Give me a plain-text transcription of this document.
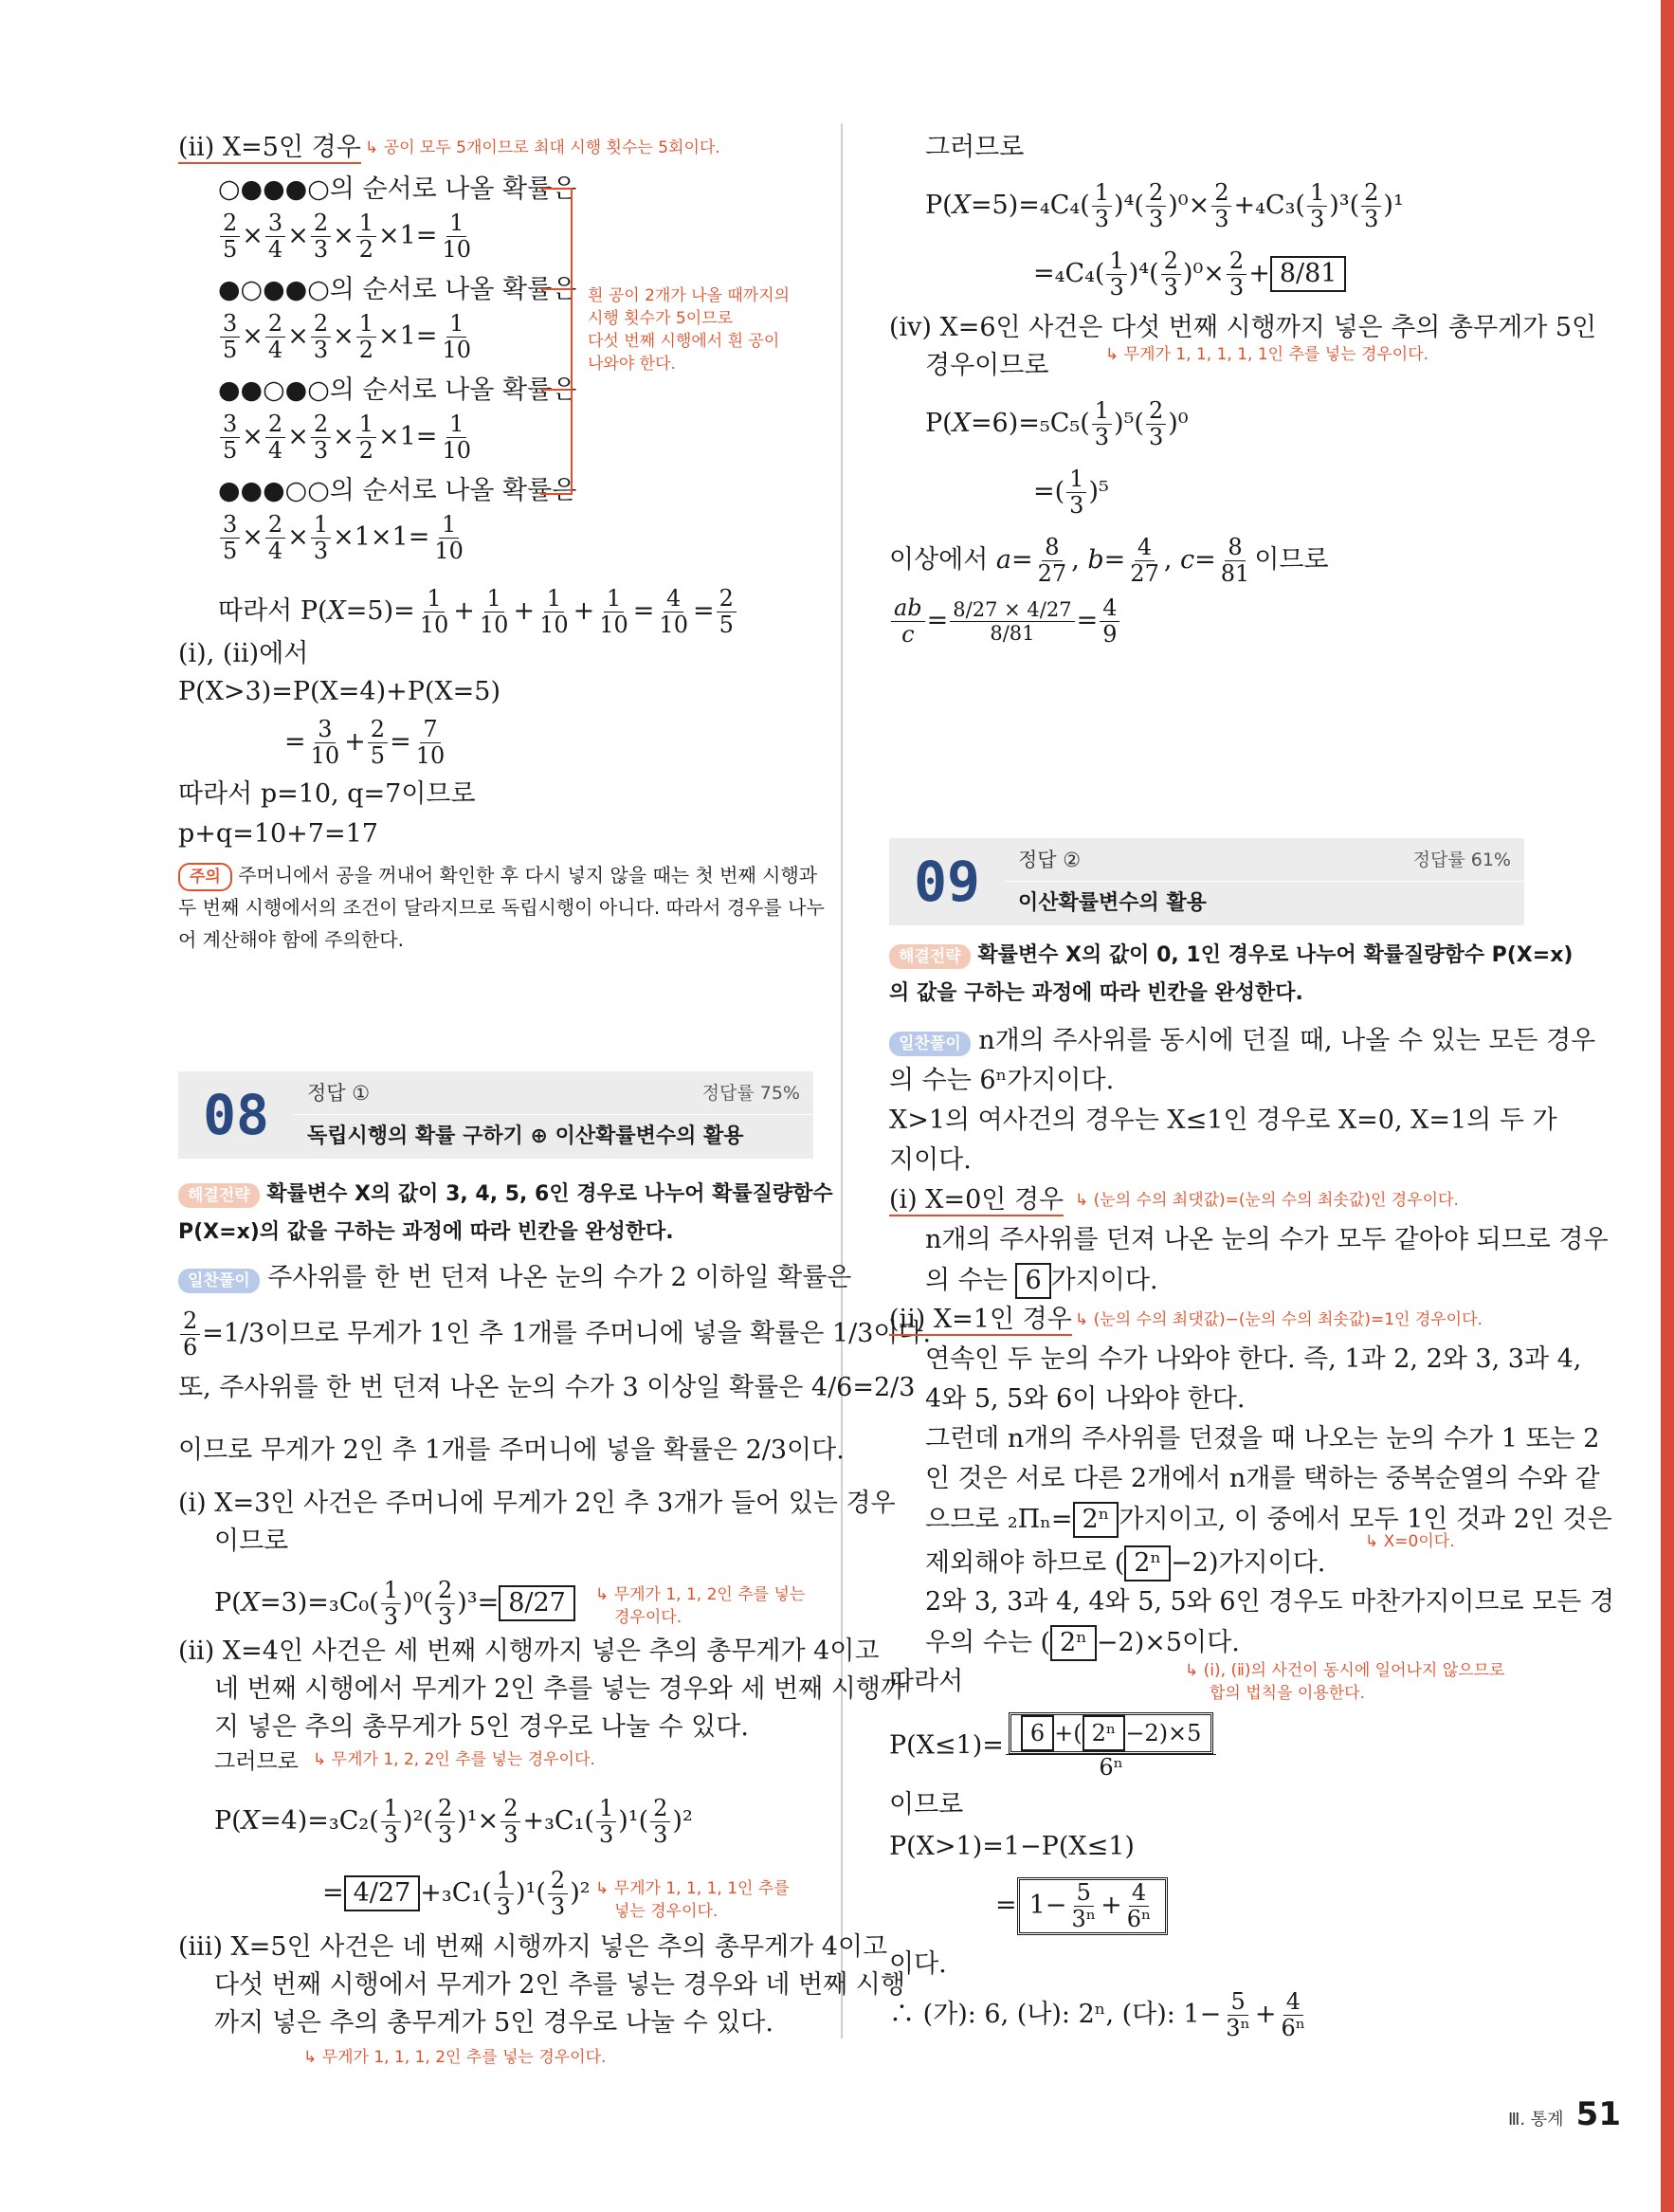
(ⅱ) X=5인 경우 ↳ 공이 모두 5개이므로 최대 시행 횟수는 5회이다.
○●●●○의 순서로 나올 확률은
$\frac{2}{5} \times \frac{3}{4} \times \frac{2}{3} \times \frac{1}{2} \times 1= \frac{1}{10}$
●○●●○의 순서로 나올 확률은
$\frac{3}{5} \times \frac{2}{4} \times \frac{2}{3} \times \frac{1}{2} \times 1= \frac{1}{10}$
●●○●○의 순서로 나올 확률은
$\frac{3}{5} \times \frac{2}{4} \times \frac{2}{3} \times \frac{1}{2} \times 1= \frac{1}{10}$
●●●○○의 순서로 나올 확률은
$\frac{3}{5} \times \frac{2}{4} \times \frac{1}{3} \times 1\times 1= \frac{1}{10}$
흰 공이 2개가 나올 때까지의
시행 횟수가 5이므로
다섯 번째 시행에서 흰 공이
나와야 한다.
따라서 $P(X=5)= \frac{1}{10} + \frac{1}{10} + \frac{1}{10} + \frac{1}{10} = \frac{4}{10} = \frac{2}{5}$
(ⅰ), (ⅱ)에서
P(X>3)=P(X=4)+P(X=5)
= $\frac{3}{10} + \frac{2}{5} = \frac{7}{10}$
따라서 p=10, q=7이므로
p+q=10+7=17
주의 주머니에서 공을 꺼내어 확인한 후 다시 넣지 않을 때는 첫 번째 시행과
두 번째 시행에서의 조건이 달라지므로 독립시행이 아니다. 따라서 경우를 나누
어 계산해야 함에 주의한다.
08	정답 ①	정답률 75%
독립시행의 확률 구하기 ⊕ 이산확률변수의 활용
해결전략 확률변수 X의 값이 3, 4, 5, 6인 경우로 나누어 확률질량함수
P(X=x)의 값을 구하는 과정에 따라 빈칸을 완성한다.
일찬풀이 주사위를 한 번 던져 나온 눈의 수가 2 이하일 확률은
$\frac{2}{6} =1/3$이므로 무게가 1인 추 1개를 주머니에 넣을 확률은 1/3이다.
또, 주사위를 한 번 던져 나온 눈의 수가 3 이상일 확률은 4/6=2/3
이므로 무게가 2인 추 1개를 주머니에 넣을 확률은 2/3이다.
(ⅰ) X=3인 사건은 주머니에 무게가 2인 추 3개가 들어 있는 경우
이므로
$P(X=3)=_3C_0( \frac{1}{3} )^0( \frac{2}{3} )^3= 8/27$	↳ 무게가 1, 1, 2인 추를 넣는
경우이다.
(ⅱ) X=4인 사건은 세 번째 시행까지 넣은 추의 총무게가 4이고
네 번째 시행에서 무게가 2인 추를 넣는 경우와 세 번째 시행까
지 넣은 추의 총무게가 5인 경우로 나눌 수 있다.
그러므로 ↳ 무게가 1, 2, 2인 추를 넣는 경우이다.
$P(X=4)=_3C_2( \frac{1}{3} )^2( \frac{2}{3} )^1\times \frac{2}{3} +_3C_1( \frac{1}{3} )^1( \frac{2}{3} )^2$
= $4/27 +_3C_1( \frac{1}{3} )^1( \frac{2}{3} )^2$ ↳ 무게가 1, 1, 1, 1인 추를
넣는 경우이다.
(ⅲ) X=5인 사건은 네 번째 시행까지 넣은 추의 총무게가 4이고
다섯 번째 시행에서 무게가 2인 추를 넣는 경우와 네 번째 시행
까지 넣은 추의 총무게가 5인 경우로 나눌 수 있다.
↳ 무게가 1, 1, 1, 2인 추를 넣는 경우이다.
그러므로
$P(X=5)=_4C_4( \frac{1}{3} )^4( \frac{2}{3} )^0\times \frac{2}{3} +_4C_3( \frac{1}{3} )^3( \frac{2}{3} )^1$
$=_4C_4( \frac{1}{3} )^4( \frac{2}{3} )^0\times \frac{2}{3} + 8/81$
(ⅳ) X=6인 사건은 다섯 번째 시행까지 넣은 추의 총무게가 5인
↳ 무게가 1, 1, 1, 1, 1인 추를 넣는 경우이다.
경우이므로
$P(X=6)=_5C_5( \frac{1}{3} )^5( \frac{2}{3} )^0$
=( $\frac{1}{3} )^5$
이상에서 $a= \frac{8}{27}$ , $b= \frac{4}{27}$ , $c= \frac{8}{81}$ 이므로
$\frac{ab}{c} = \frac{8/27 \times 4/27}{8/81} = \frac{4}{9}$
09	정답 ②	정답률 61%
이산확률변수의 활용
해결전략 확률변수 X의 값이 0, 1인 경우로 나누어 확률질량함수 P(X=x)
의 값을 구하는 과정에 따라 빈칸을 완성한다.
일찬풀이 n개의 주사위를 동시에 던질 때, 나올 수 있는 모든 경우
의 수는 6ⁿ가지이다.
X>1의 여사건의 경우는 X≤1인 경우로 X=0, X=1의 두 가
지이다.
(ⅰ) X=0인 경우 ↳ (눈의 수의 최댓값)=(눈의 수의 최솟값)인 경우이다.
n개의 주사위를 던져 나온 눈의 수가 모두 같아야 되므로 경우
의 수는 6 가지이다.
(ⅱ) X=1인 경우 ↳ (눈의 수의 최댓값)−(눈의 수의 최솟값)=1인 경우이다.
연속인 두 눈의 수가 나와야 한다. 즉, 1과 2, 2와 3, 3과 4,
4와 5, 5와 6이 나와야 한다.
그런데 n개의 주사위를 던졌을 때 나오는 눈의 수가 1 또는 2
인 것은 서로 다른 2개에서 n개를 택하는 중복순열의 수와 같
으므로 ₂Πₙ= 2ⁿ 가지이고, 이 중에서 모두 1인 것과 2인 것은
↳ X=0이다.
제외해야 하므로 ( 2ⁿ −2)가지이다.
2와 3, 3과 4, 4와 5, 5와 6인 경우도 마찬가지이므로 모든 경
우의 수는 ( 2ⁿ −2)×5이다.
따라서	↳ (ⅰ), (ⅱ)의 사건이 동시에 일어나지 않으므로
합의 법칙을 이용한다.
$P(X\le 1)= \frac{\text{6 +( 2ⁿ −2)×5}}{\text{6ⁿ}}$
이므로
P(X>1)=1−P(X≤1)
= $1- \frac{5}{\text{3ⁿ}} + \frac{4}{\text{6ⁿ}}$
이다.
∴ (가): 6, (나): 2ⁿ, (다): $1- \frac{5}{\text{3ⁿ}} + \frac{4}{\text{6ⁿ}}$
Ⅲ. 통계 51
